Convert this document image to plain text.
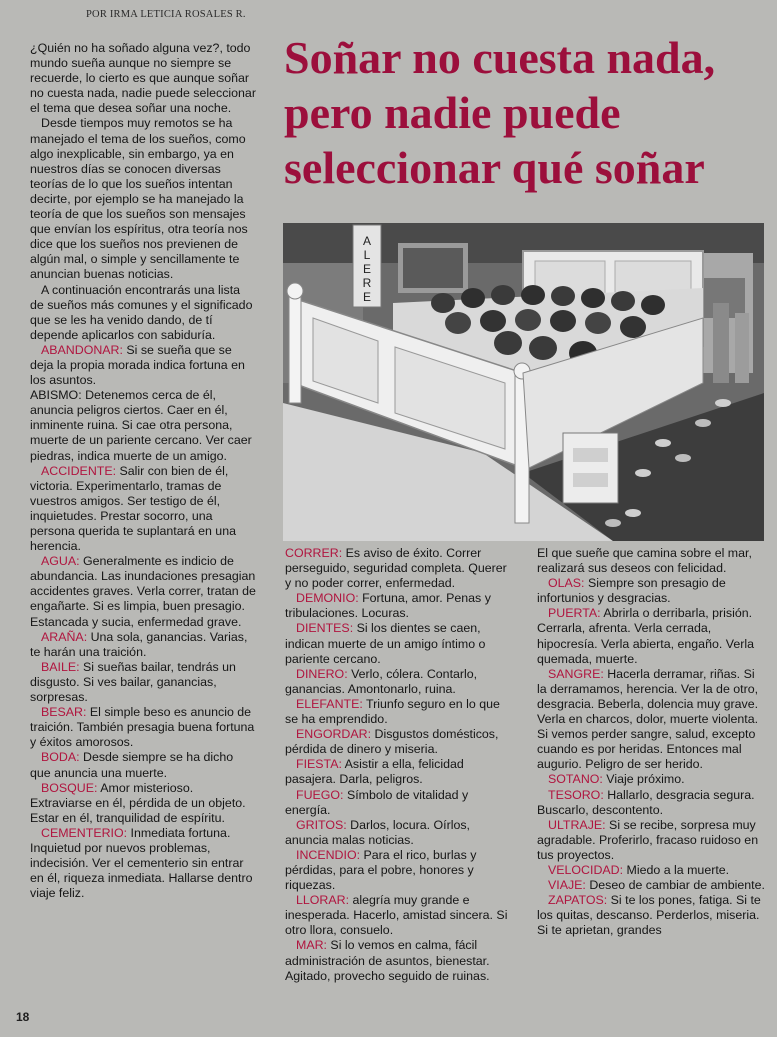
POR IRMA LETICIA ROSALES R.

¿Quién no ha soñado alguna vez?, todo mundo sueña aunque no siempre se recuerde, lo cierto es que aunque soñar no cuesta nada, nadie puede seleccionar el tema que desea soñar una noche.

Desde tiempos muy remotos se ha manejado el tema de los sueños, como algo inexplicable, sin embargo, ya en nuestros días se conocen diversas teorías de lo que los sueños intentan decirte, por ejemplo se ha manejado la teoría de que los sueños son mensajes que envían los espíritus, otra teoría nos dice que los sueños nos previenen de algún mal, o simple y sencillamente te anuncian buenas noticias.

A continuación encontrarás una lista de sueños más comunes y el significado que se les ha venido dando, de tí depende aplicarlos con sabiduría.

ABANDONAR: Si se sueña que se deja la propia morada indica fortuna en los asuntos.

ABISMO: Detenemos cerca de él, anuncia peligros ciertos. Caer en él, inminente ruina. Si cae otra persona, muerte de un pariente cercano. Ver caer piedras, indica muerte de un amigo.

ACCIDENTE: Salir con bien de él, victoria. Experimentarlo, tramas de vuestros amigos. Ser testigo de él, inquietudes. Prestar socorro, una persona querida te suplantará en una herencia.

AGUA: Generalmente es indicio de abundancia. Las inundaciones presagian accidentes graves. Verla correr, tratan de engañarte. Si es limpia, buen presagio. Estancada y sucia, enfermedad grave.

ARAÑA: Una sola, ganancias. Varias, te harán una traición.

BAILE: Si sueñas bailar, tendrás un disgusto. Si ves bailar, ganancias, sorpresas.

BESAR: El simple beso es anuncio de traición. También presagia buena fortuna y éxitos amorosos.

BODA: Desde siempre se ha dicho que anuncia una muerte.

BOSQUE: Amor misterioso. Extraviarse en él, pérdida de un objeto. Estar en él, tranquilidad de espíritu.

CEMENTERIO: Inmediata fortuna. Inquietud por nuevos problemas, indecisión. Ver el cementerio sin entrar en él, riqueza inmediata. Hallarse dentro viaje feliz.

Soñar no cuesta nada,
pero nadie puede
seleccionar qué soñar
A
L
E
R
E

CORRER: Es aviso de éxito. Correr perseguido, seguridad completa. Querer y no poder correr, enfermedad.

DEMONIO: Fortuna, amor. Penas y tribulaciones. Locuras.

DIENTES: Si los dientes se caen, indican muerte de un amigo íntimo o pariente cercano.

DINERO: Verlo, cólera. Contarlo, ganancias. Amontonarlo, ruina.

ELEFANTE: Triunfo seguro en lo que se ha emprendido.

ENGORDAR: Disgustos domésticos, pérdida de dinero y miseria.

FIESTA: Asistir a ella, felicidad pasajera. Darla, peligros.

FUEGO: Símbolo de vitalidad y energía.

GRITOS: Darlos, locura. Oírlos, anuncia malas noticias.

INCENDIO: Para el rico, burlas y pérdidas, para el pobre, honores y riquezas.

LLORAR: alegría muy grande e inesperada. Hacerlo, amistad sincera. Si otro llora, consuelo.

MAR: Si lo vemos en calma, fácil administración de asuntos, bienestar. Agitado, provecho seguido de ruinas.

El que sueñe que camina sobre el mar, realizará sus deseos con felicidad.

OLAS: Siempre son presagio de infortunios y desgracias.

PUERTA: Abrirla o derribarla, prisión. Cerrarla, afrenta. Verla cerrada, hipocresía. Verla abierta, engaño. Verla quemada, muerte.

SANGRE: Hacerla derramar, riñas. Si la derramamos, herencia. Ver la de otro, desgracia. Beberla, dolencia muy grave. Verla en charcos, dolor, muerte violenta. Si vemos perder sangre, salud, excepto cuando es por heridas. Entonces mal augurio. Peligro de ser herido.

SOTANO: Viaje próximo.

TESORO: Hallarlo, desgracia segura. Buscarlo, descontento.

ULTRAJE: Si se recibe, sorpresa muy agradable. Proferirlo, fracaso ruidoso en tus proyectos.

VELOCIDAD: Miedo a la muerte.

VIAJE: Deseo de cambiar de ambiente.

ZAPATOS: Si te los pones, fatiga. Si te los quitas, descanso. Perderlos, miseria. Si te aprietan, grandes

18
